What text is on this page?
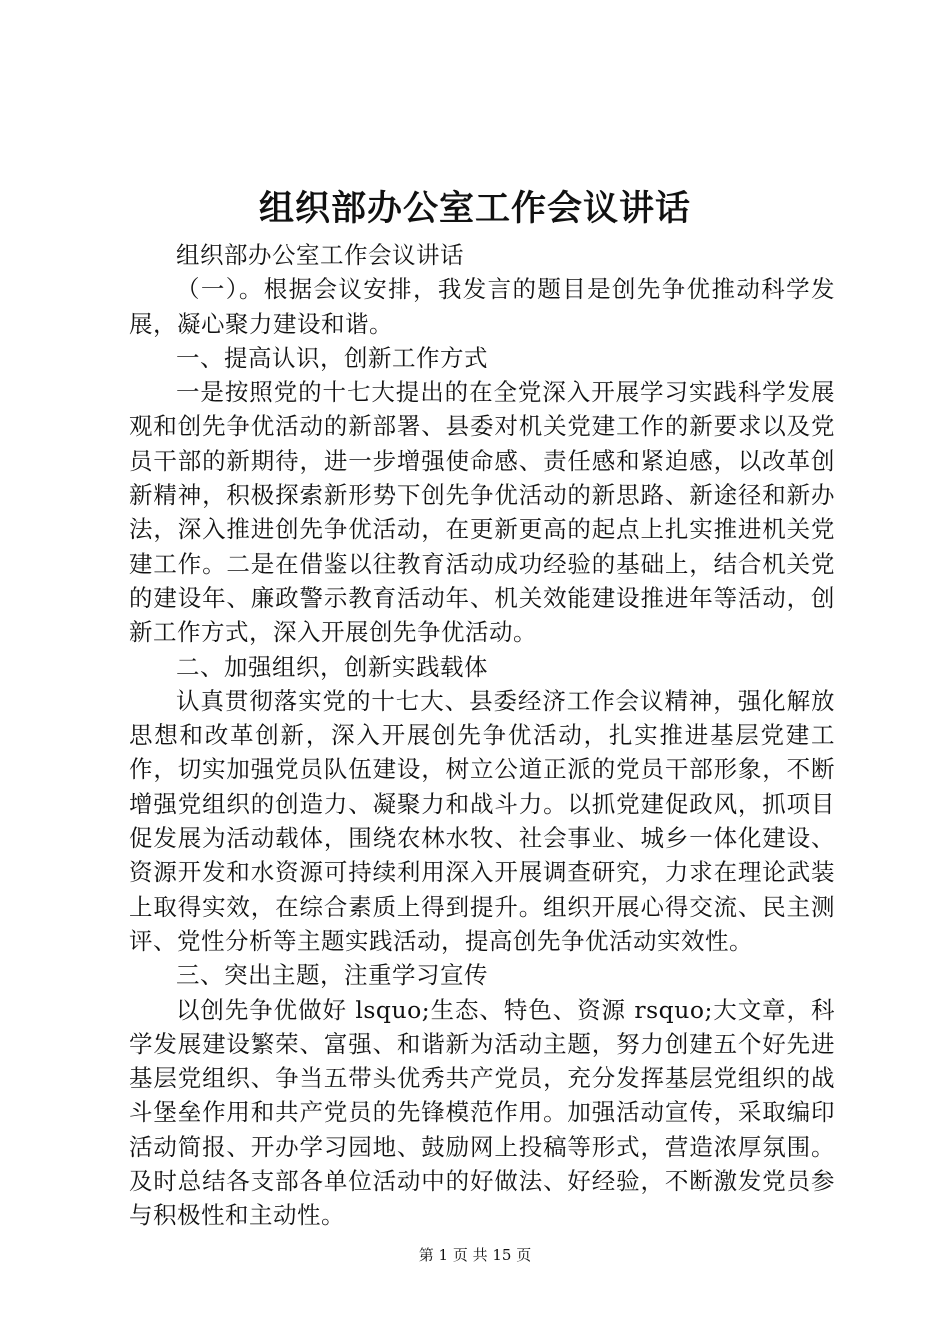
组织部办公室工作会议讲话

组织部办公室工作会议讲话

（一）。根据会议安排，我发言的题目是创先争优推动科学发展，凝心聚力建设和谐。

一、提高认识，创新工作方式

一是按照党的十七大提出的在全党深入开展学习实践科学发展观和创先争优活动的新部署、县委对机关党建工作的新要求以及党员干部的新期待，进一步增强使命感、责任感和紧迫感，以改革创新精神，积极探索新形势下创先争优活动的新思路、新途径和新办法，深入推进创先争优活动，在更新更高的起点上扎实推进机关党建工作。二是在借鉴以往教育活动成功经验的基础上，结合机关党的建设年、廉政警示教育活动年、机关效能建设推进年等活动，创新工作方式，深入开展创先争优活动。

二、加强组织，创新实践载体

认真贯彻落实党的十七大、县委经济工作会议精神，强化解放思想和改革创新，深入开展创先争优活动，扎实推进基层党建工作，切实加强党员队伍建设，树立公道正派的党员干部形象，不断增强党组织的创造力、凝聚力和战斗力。以抓党建促政风，抓项目促发展为活动载体，围绕农林水牧、社会事业、城乡一体化建设、资源开发和水资源可持续利用深入开展调查研究，力求在理论武装上取得实效，在综合素质上得到提升。组织开展心得交流、民主测评、党性分析等主题实践活动，提高创先争优活动实效性。

三、突出主题，注重学习宣传

以创先争优做好 lsquo;生态、特色、资源 rsquo;大文章，科学发展建设繁荣、富强、和谐新为活动主题，努力创建五个好先进基层党组织、争当五带头优秀共产党员，充分发挥基层党组织的战斗堡垒作用和共产党员的先锋模范作用。加强活动宣传，采取编印活动简报、开办学习园地、鼓励网上投稿等形式，营造浓厚氛围。及时总结各支部各单位活动中的好做法、好经验，不断激发党员参与积极性和主动性。

第 1 页 共 15 页
